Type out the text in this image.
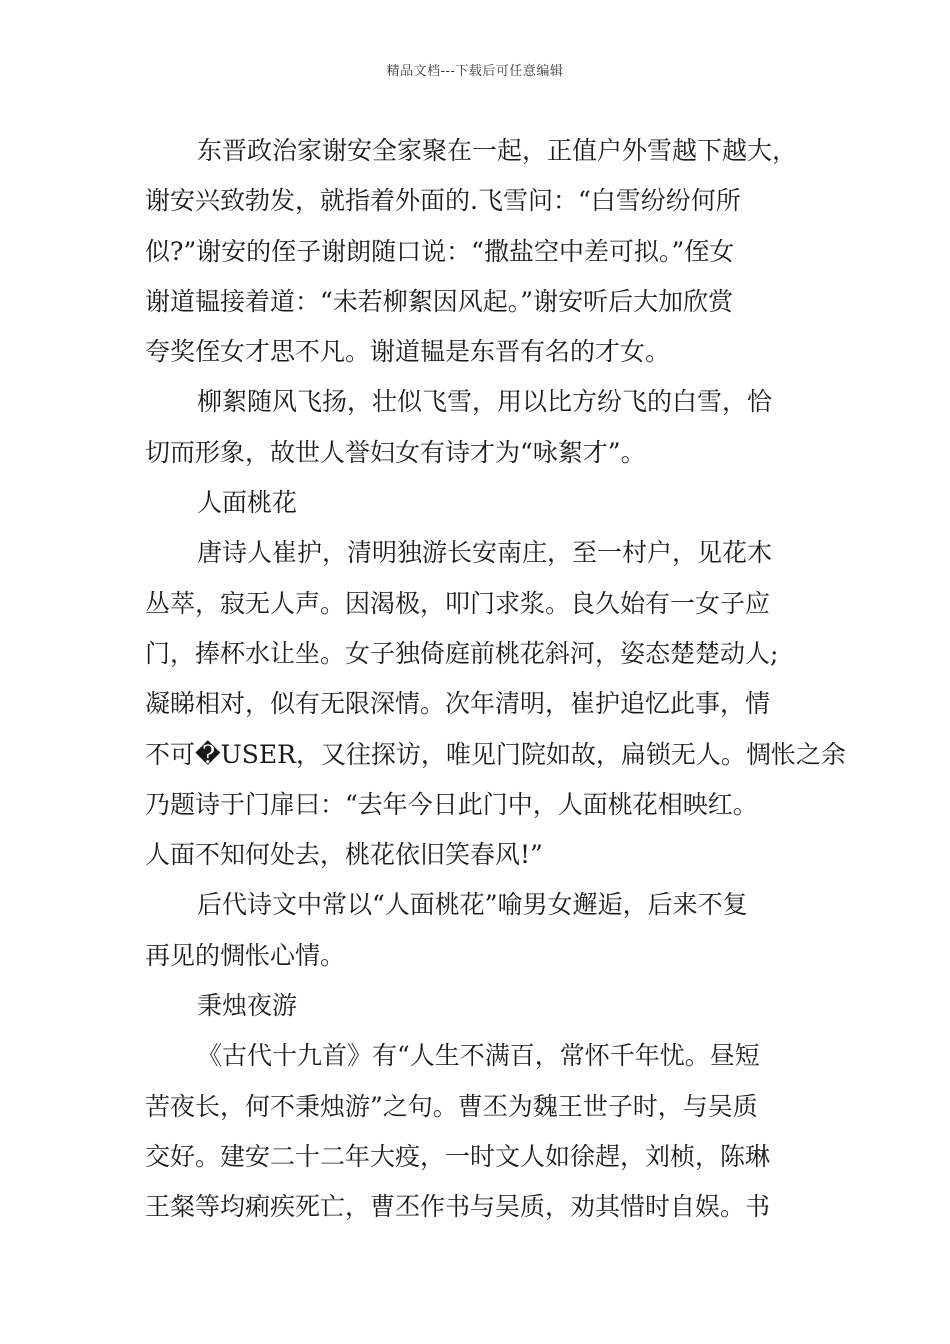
精品文档---下载后可任意编辑
东晋政治家谢安全家聚在一起，正值户外雪越下越大，
谢安兴致勃发，就指着外面的.飞雪问：“白雪纷纷何所
似?”谢安的侄子谢朗随口说：“撒盐空中差可拟。”侄女
谢道韫接着道：“未若柳絮因风起。”谢安听后大加欣赏
夸奖侄女才思不凡。谢道韫是东晋有名的才女。
柳絮随风飞扬，壮似飞雪，用以比方纷飞的白雪，恰
切而形象，故世人誉妇女有诗才为“咏絮才”。
人面桃花
唐诗人崔护，清明独游长安南庄，至一村户，见花木
丛萃，寂无人声。因渴极，叩门求浆。良久始有一女子应
门，捧杯水让坐。女子独倚庭前桃花斜河，姿态楚楚动人;
凝睇相对，似有无限深情。次年清明，崔护追忆此事，情
不可�USER，又往探访，唯见门院如故，扁锁无人。惆怅之余
乃题诗于门扉曰：“去年今日此门中，人面桃花相映红。
人面不知何处去，桃花依旧笑春风!”
后代诗文中常以“人面桃花”喻男女邂逅，后来不复
再见的惆怅心情。
秉烛夜游
《古代十九首》有“人生不满百，常怀千年忧。昼短
苦夜长，何不秉烛游”之句。曹丕为魏王世子时，与吴质
交好。建安二十二年大疫，一时文人如徐趕，刘桢，陈琳
王粲等均痢疾死亡，曹丕作书与吴质，劝其惜时自娱。书
